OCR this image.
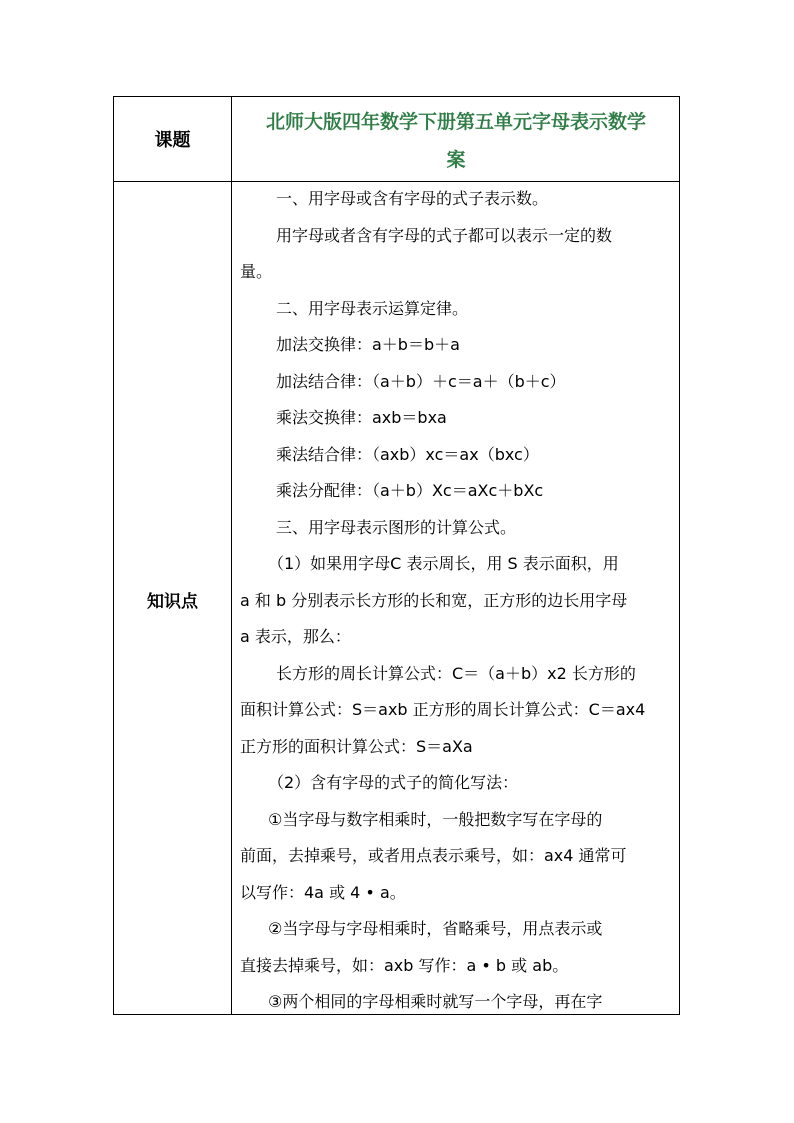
课题
北师大版四年数学下册第五单元字母表示数学
案
知识点

一、用字母或含有字母的式子表示数。

用字母或者含有字母的式子都可以表示一定的数

量。

二、用字母表示运算定律。

加法交换律：a＋b＝b＋a

加法结合律：（a＋b）＋c＝a＋（b＋c）

乘法交换律：axb＝bxa

乘法结合律：（axb）xc＝ax（bxc）

乘法分配律：（a＋b）Xc＝aXc＋bXc

三、用字母表示图形的计算公式。

（1）如果用字母C 表示周长，用 S 表示面积，用

a 和 b 分别表示长方形的长和宽，正方形的边长用字母

a 表示，那么：

长方形的周长计算公式：C＝（a＋b）x2 长方形的

面积计算公式：S＝axb 正方形的周长计算公式：C＝ax4

正方形的面积计算公式：S＝aXa

（2）含有字母的式子的简化写法：

①当字母与数字相乘时，一般把数字写在字母的

前面，去掉乘号，或者用点表示乘号，如：ax4 通常可

以写作：4a 或 4 • a。

②当字母与字母相乘时，省略乘号，用点表示或

直接去掉乘号，如：axb 写作：a • b 或 ab。

③两个相同的字母相乘时就写一个字母，再在字
